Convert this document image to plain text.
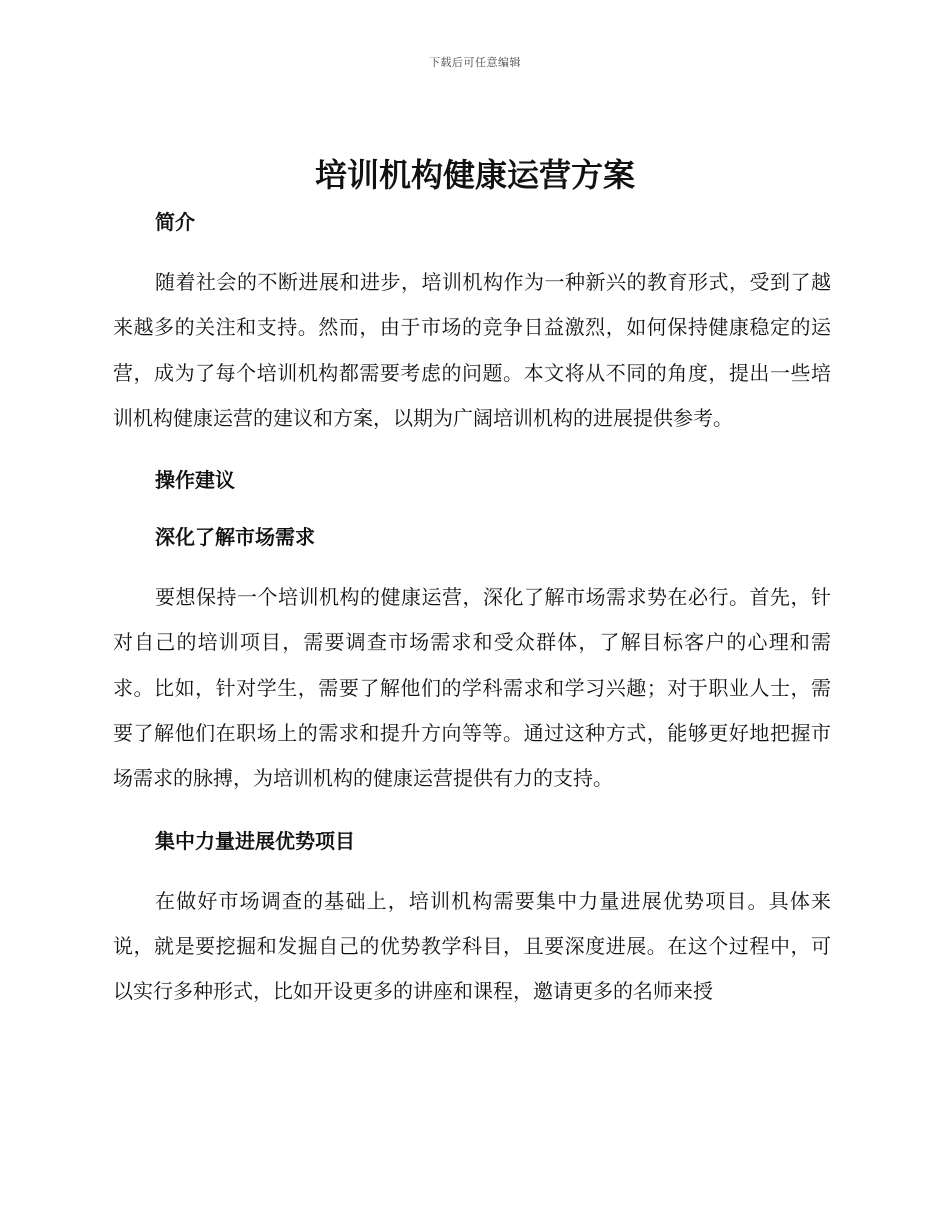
下载后可任意编辑
培训机构健康运营方案
简介

随着社会的不断进展和进步，培训机构作为一种新兴的教育形式，受到了越来越多的关注和支持。然而，由于市场的竞争日益激烈，如何保持健康稳定的运营，成为了每个培训机构都需要考虑的问题。本文将从不同的角度，提出一些培训机构健康运营的建议和方案，以期为广阔培训机构的进展提供参考。

操作建议
深化了解市场需求

要想保持一个培训机构的健康运营，深化了解市场需求势在必行。首先，针对自己的培训项目，需要调查市场需求和受众群体，了解目标客户的心理和需求。比如，针对学生，需要了解他们的学科需求和学习兴趣；对于职业人士，需要了解他们在职场上的需求和提升方向等等。通过这种方式，能够更好地把握市场需求的脉搏，为培训机构的健康运营提供有力的支持。

集中力量进展优势项目

在做好市场调查的基础上，培训机构需要集中力量进展优势项目。具体来说，就是要挖掘和发掘自己的优势教学科目，且要深度进展。在这个过程中，可以实行多种形式，比如开设更多的讲座和课程，邀请更多的名师来授
